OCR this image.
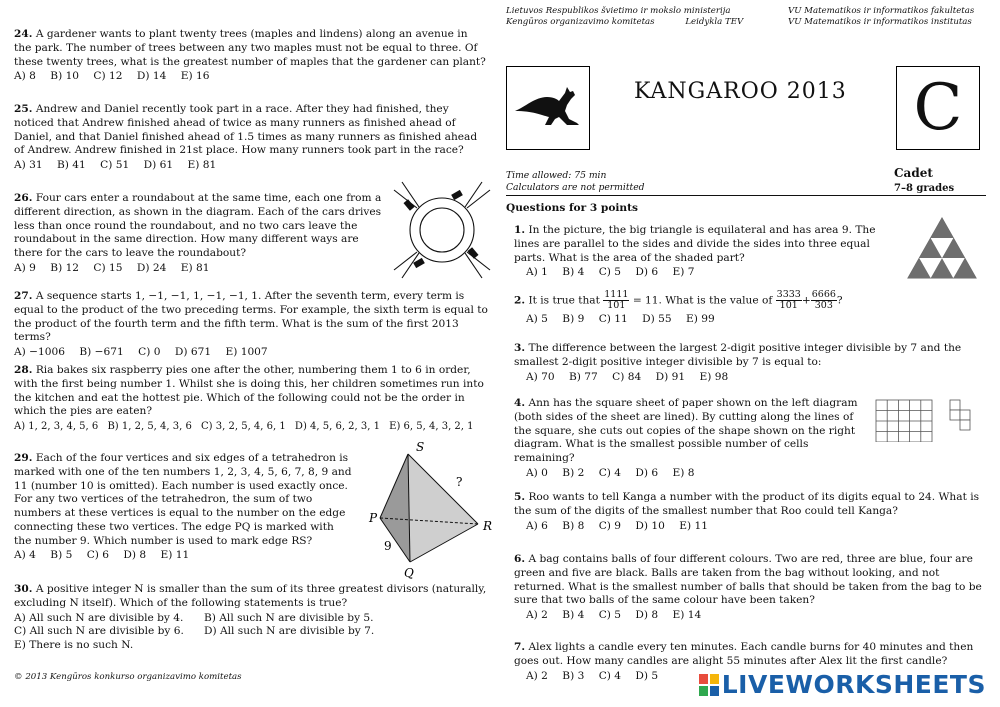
24. A gardener wants to plant twenty trees (maples and lindens) along an avenue in the park. The number of trees between any two maples must not be equal to three. Of these twenty trees, what is the greatest number of maples that the gardener can plant?

A) 8 B) 10 C) 12 D) 14 E) 16

25. Andrew and Daniel recently took part in a race. After they had finished, they noticed that Andrew finished ahead of twice as many runners as finished ahead of Daniel, and that Daniel finished ahead of 1.5 times as many runners as finished ahead of Andrew. Andrew finished in 21st place. How many runners took part in the race?

A) 31 B) 41 C) 51 D) 61 E) 81

26. Four cars enter a roundabout at the same time, each one from a different direction, as shown in the diagram. Each of the cars drives less than once round the roundabout, and no two cars leave the roundabout in the same direction. How many different ways are there for the cars to leave the roundabout?

A) 9 B) 12 C) 15 D) 24 E) 81

27. A sequence starts 1, −1, −1, 1, −1, −1, 1. After the seventh term, every term is equal to the product of the two preceding terms. For example, the sixth term is equal to the product of the fourth term and the fifth term. What is the sum of the first 2013 terms?

A) −1006 B) −671 C) 0 D) 671 E) 1007

28. Ria bakes six raspberry pies one after the other, numbering them 1 to 6 in order, with the first being number 1. Whilst she is doing this, her children sometimes run into the kitchen and eat the hottest pie. Which of the following could not be the order in which the pies are eaten?

A) 1, 2, 3, 4, 5, 6 B) 1, 2, 5, 4, 3, 6 C) 3, 2, 5, 4, 6, 1 D) 4, 5, 6, 2, 3, 1 E) 6, 5, 4, 3, 2, 1

29. Each of the four vertices and six edges of a tetrahedron is marked with one of the ten numbers 1, 2, 3, 4, 5, 6, 7, 8, 9 and 11 (number 10 is omitted). Each number is used exactly once. For any two vertices of the tetrahedron, the sum of two numbers at these vertices is equal to the number on the edge connecting these two vertices. The edge PQ is marked with the number 9. Which number is used to mark edge RS?

A) 4 B) 5 C) 6 D) 8 E) 11
S
P
R
Q
9
?

30. A positive integer N is smaller than the sum of its three greatest divisors (naturally, excluding N itself). Which of the following statements is true?

A) All such N are divisible by 4. B) All such N are divisible by 5.
C) All such N are divisible by 6. D) All such N are divisible by 7.
E) There is no such N.
© 2013 Kengūros konkurso organizavimo komitetas
Lietuvos Respublikos švietimo ir mokslo ministerija
Kengūros organizavimo komitetas	Leidykla TEV
VU Matematikos ir informatikos fakultetas
VU Matematikos ir informatikos institutas
KANGAROO 2013 C
Time allowed: 75 min
Calculators are not permitted
Cadet
7–8 grades
Questions for 3 points

1. In the picture, the big triangle is equilateral and has area 9. The lines are parallel to the sides and divide the sides into three equal parts. What is the area of the shaded part?

A) 1 B) 4 C) 5 D) 6 E) 7

2. It is true that $\frac{1111}{101} = 11$. What is the value of $\frac{3333}{101} + \frac{6666}{303}$ ?

A) 5 B) 9 C) 11 D) 55 E) 99

3. The difference between the largest 2-digit positive integer divisible by 7 and the smallest 2-digit positive integer divisible by 7 is equal to:

A) 70 B) 77 C) 84 D) 91 E) 98

4. Ann has the square sheet of paper shown on the left diagram (both sides of the sheet are lined). By cutting along the lines of the square, she cuts out copies of the shape shown on the right diagram. What is the smallest possible number of cells remaining?

A) 0 B) 2 C) 4 D) 6 E) 8

5. Roo wants to tell Kanga a number with the product of its digits equal to 24. What is the sum of the digits of the smallest number that Roo could tell Kanga?

A) 6 B) 8 C) 9 D) 10 E) 11

6. A bag contains balls of four different colours. Two are red, three are blue, four are green and five are black. Balls are taken from the bag without looking, and not returned. What is the smallest number of balls that should be taken from the bag to be sure that two balls of the same colour have been taken?

A) 2 B) 4 C) 5 D) 8 E) 14

7. Alex lights a candle every ten minutes. Each candle burns for 40 minutes and then goes out. How many candles are alight 55 minutes after Alex lit the first candle?

A) 2 B) 3 C) 4 D) 5	LIVEWORKSHEETS
